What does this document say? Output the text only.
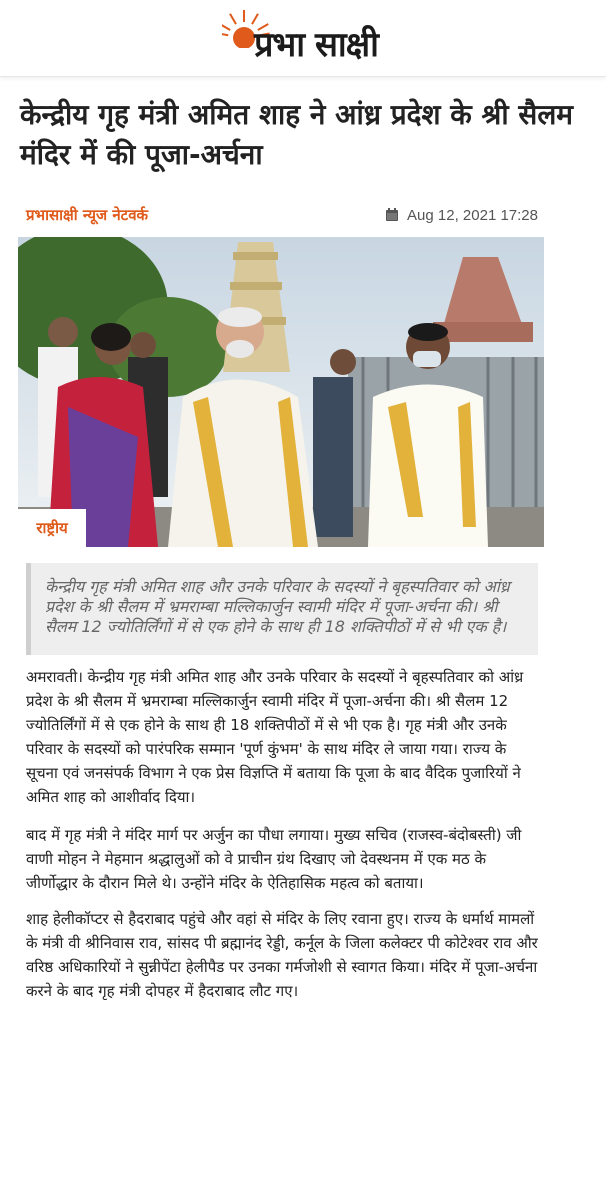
प्रभा साक्षी
केन्द्रीय गृह मंत्री अमित शाह ने आंध्र प्रदेश के श्री सैलम मंदिर में की पूजा-अर्चना
प्रभासाक्षी न्यूज नेटवर्क	Aug 12, 2021 17:28
राष्ट्रीय
केन्द्रीय गृह मंत्री अमित शाह और उनके परिवार के सदस्यों ने बृहस्पतिवार को आंध्र प्रदेश के श्री सैलम में भ्रमराम्बा मल्लिकार्जुन स्वामी मंदिर में पूजा-अर्चना की। श्री सैलम 12 ज्योतिर्लिंगों में से एक होने के साथ ही 18 शक्तिपीठों में से भी एक है।

अमरावती। केन्द्रीय गृह मंत्री अमित शाह और उनके परिवार के सदस्यों ने बृहस्पतिवार को आंध्र प्रदेश के श्री सैलम में भ्रमराम्बा मल्लिकार्जुन स्वामी मंदिर में पूजा-अर्चना की। श्री सैलम 12 ज्योतिर्लिंगों में से एक होने के साथ ही 18 शक्तिपीठों में से भी एक है। गृह मंत्री और उनके परिवार के सदस्यों को पारंपरिक सम्मान 'पूर्ण कुंभम' के साथ मंदिर ले जाया गया। राज्य के सूचना एवं जनसंपर्क विभाग ने एक प्रेस विज्ञप्ति में बताया कि पूजा के बाद वैदिक पुजारियों ने अमित शाह को आशीर्वाद दिया।

बाद में गृह मंत्री ने मंदिर मार्ग पर अर्जुन का पौधा लगाया। मुख्य सचिव (राजस्व-बंदोबस्ती) जी वाणी मोहन ने मेहमान श्रद्धालुओं को वे प्राचीन ग्रंथ दिखाए जो देवस्थनम में एक मठ के जीर्णोद्धार के दौरान मिले थे। उन्होंने मंदिर के ऐतिहासिक महत्व को बताया।

शाह हेलीकॉप्टर से हैदराबाद पहुंचे और वहां से मंदिर के लिए रवाना हुए। राज्य के धर्मार्थ मामलों के मंत्री वी श्रीनिवास राव, सांसद पी ब्रह्मानंद रेड्डी, कर्नूल के जिला कलेक्टर पी कोटेश्वर राव और वरिष्ठ अधिकारियों ने सुन्नीपेंटा हेलीपैड पर उनका गर्मजोशी से स्वागत किया। मंदिर में पूजा-अर्चना करने के बाद गृह मंत्री दोपहर में हैदराबाद लौट गए।
